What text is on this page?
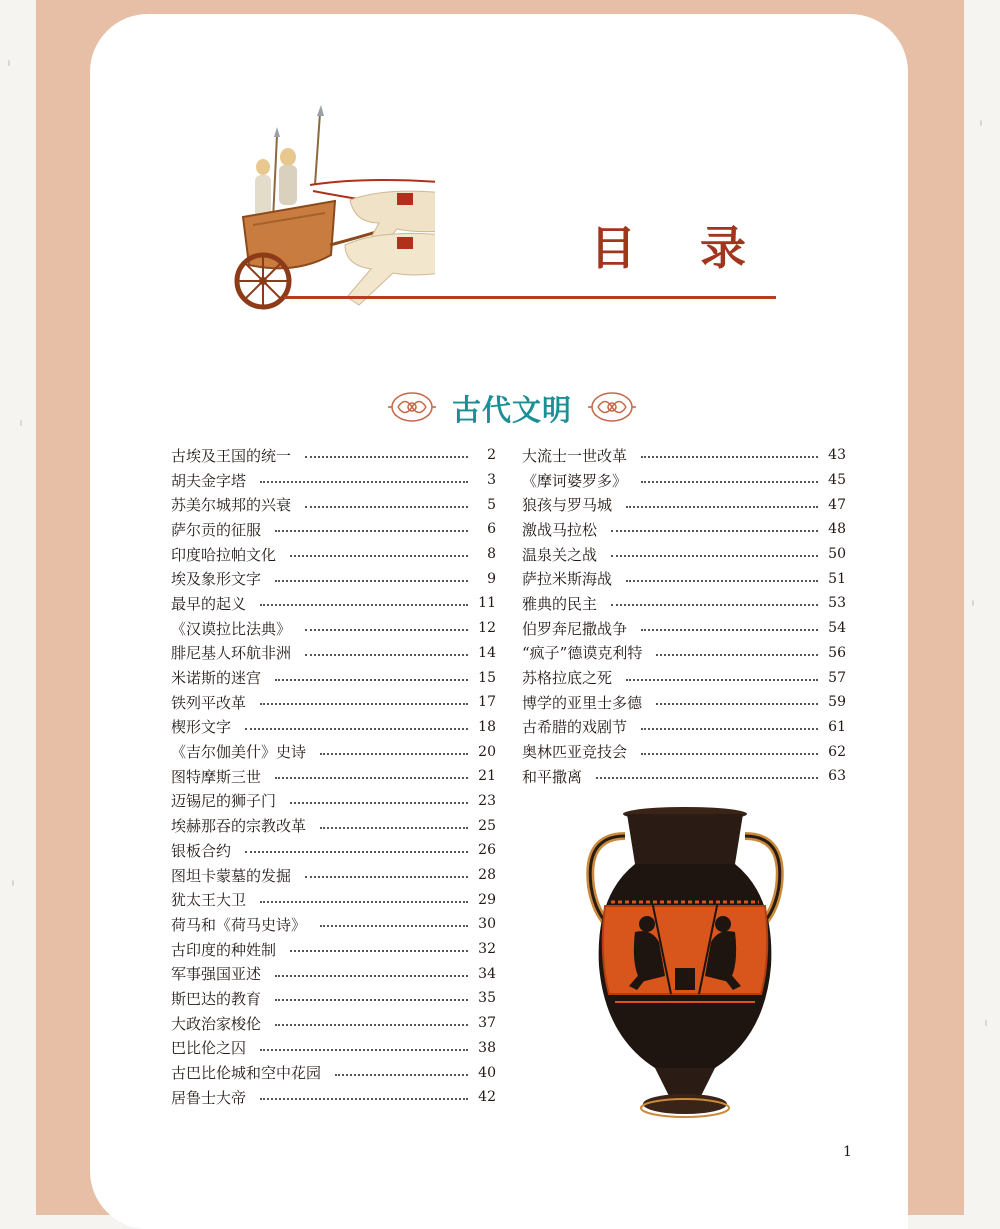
目 录
古代文明
古埃及王国的统一	2
胡夫金字塔	3
苏美尔城邦的兴衰	5
萨尔贡的征服	6
印度哈拉帕文化	8
埃及象形文字	9
最早的起义	11
《汉谟拉比法典》	12
腓尼基人环航非洲	14
米诺斯的迷宫	15
铁列平改革	17
楔形文字	18
《吉尔伽美什》史诗	20
图特摩斯三世	21
迈锡尼的狮子门	23
埃赫那吞的宗教改革	25
银板合约	26
图坦卡蒙墓的发掘	28
犹太王大卫	29
荷马和《荷马史诗》	30
古印度的种姓制	32
军事强国亚述	34
斯巴达的教育	35
大政治家梭伦	37
巴比伦之囚	38
古巴比伦城和空中花园	40
居鲁士大帝	42
大流士一世改革	43
《摩诃婆罗多》	45
狼孩与罗马城	47
激战马拉松	48
温泉关之战	50
萨拉米斯海战	51
雅典的民主	53
伯罗奔尼撒战争	54
“疯子”德谟克利特	56
苏格拉底之死	57
博学的亚里士多德	59
古希腊的戏剧节	61
奥林匹亚竞技会	62
和平撒离	63
1
